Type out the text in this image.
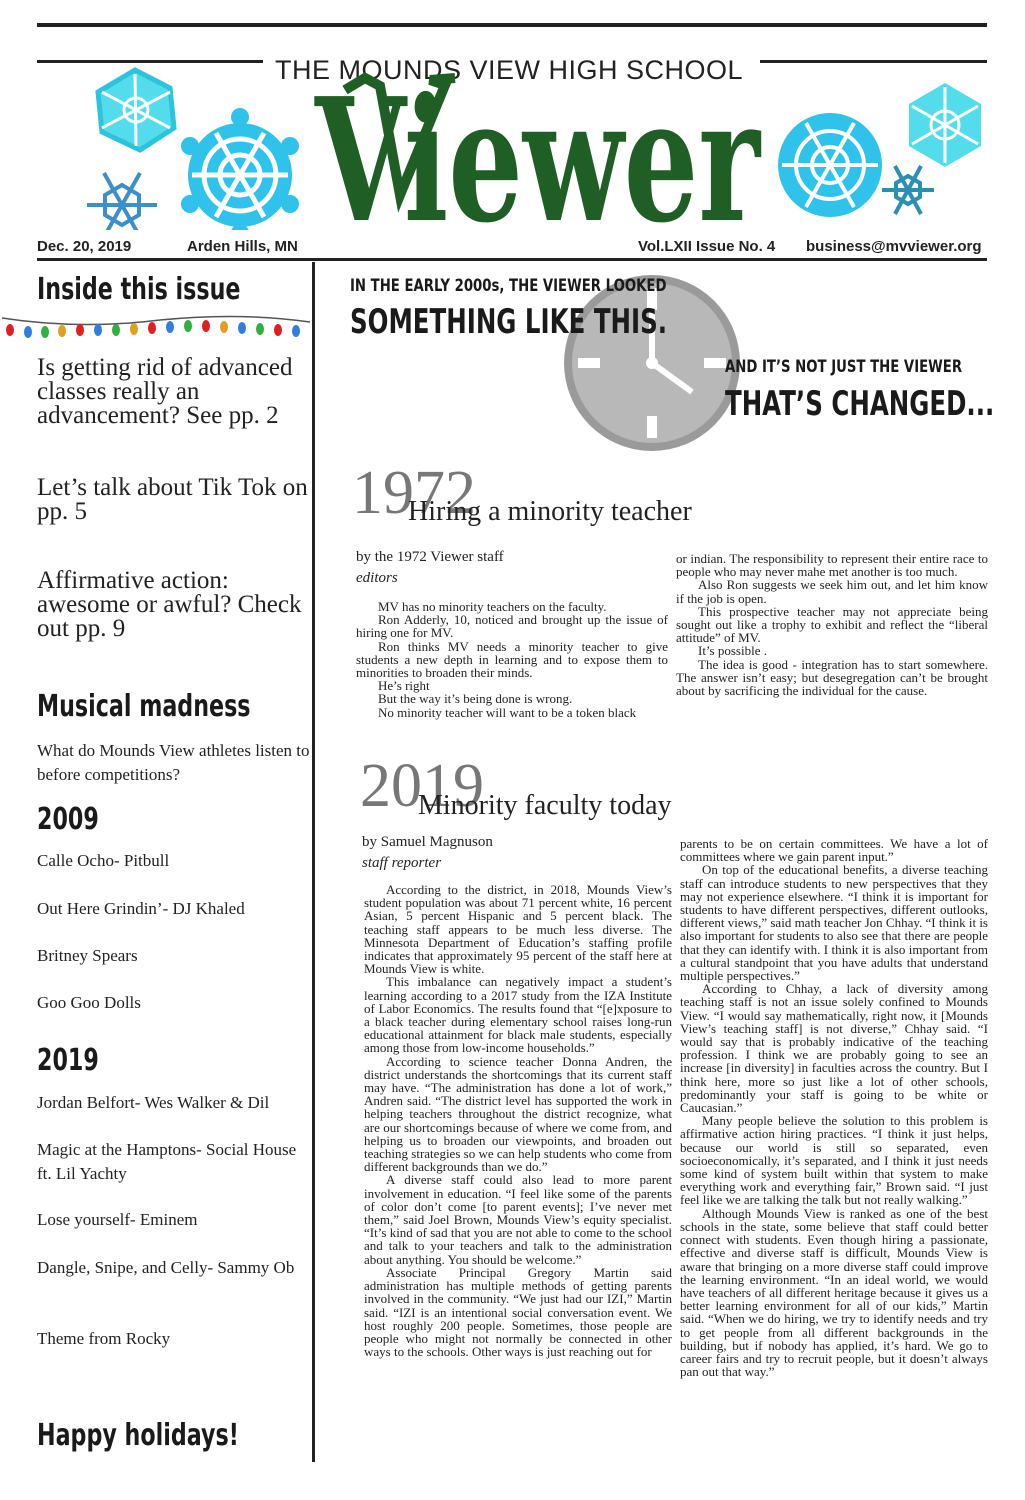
THE MOUNDS VIEW HIGH SCHOOL
Viewer
Dec. 20, 2019	Arden Hills, MN	Vol.LXII Issue No. 4 business@mvviewer.org
Inside this issue
Is getting rid of advanced classes really an advancement? See pp. 2
Let’s talk about Tik Tok on pp. 5
Affirmative action: awesome or awful? Check out pp. 9
Musical madness
What do Mounds View athletes listen to before competitions?
2009
Calle Ocho- Pitbull
Out Here Grindin’- DJ Khaled
Britney Spears
Goo Goo Dolls
2019
Jordan Belfort- Wes Walker & Dil
Magic at the Hamptons- Social House ft. Lil Yachty
Lose yourself- Eminem
Dangle, Snipe, and Celly- Sammy Ob
Theme from Rocky
Happy holidays!
IN THE EARLY 2000s, THE VIEWER LOOKED
SOMETHING LIKE THIS.
AND IT’S NOT JUST THE VIEWER
THAT’S CHANGED...
1972
Hiring a minority teacher
by the 1972 Viewer staff
editors

MV has no minority teachers on the faculty.

Ron Adderly, 10, noticed and brought up the issue of hiring one for MV.

Ron thinks MV needs a minority teacher to give students a new depth in learning and to expose them to minorities to broaden their minds.

He’s right

But the way it’s being done is wrong.

No minority teacher will want to be a token black

or indian. The responsibility to represent their entire race to people who may never mahe met another is too much.

Also Ron suggests we seek him out, and let him know if the job is open.

This prospective teacher may not appreciate being sought out like a trophy to exhibit and reflect the “liberal attitude” of MV.

It’s possible .

The idea is good - integration has to start somewhere. The answer isn’t easy; but desegregation can’t be brought about by sacrificing the individual for the cause.

2019
Minority faculty today
by Samuel Magnuson
staff reporter

According to the district, in 2018, Mounds View’s student population was about 71 percent white, 16 percent Asian, 5 percent Hispanic and 5 percent black. The teaching staff appears to be much less diverse. The Minnesota Department of Education’s staffing profile indicates that approximately 95 percent of the staff here at Mounds View is white.

This imbalance can negatively impact a student’s learning according to a 2017 study from the IZA Institute of Labor Economics. The results found that “[e]xposure to a black teacher during elementary school raises long-run educational attainment for black male students, especially among those from low-income households.”

According to science teacher Donna Andren, the district understands the shortcomings that its current staff may have. “The administration has done a lot of work,” Andren said. “The district level has supported the work in helping teachers throughout the district recognize, what are our shortcomings because of where we come from, and helping us to broaden our viewpoints, and broaden out teaching strategies so we can help students who come from different backgrounds than we do.”

A diverse staff could also lead to more parent involvement in education. “I feel like some of the parents of color don’t come [to parent events]; I’ve never met them,” said Joel Brown, Mounds View’s equity specialist. “It’s kind of sad that you are not able to come to the school and talk to your teachers and talk to the administration about anything. You should be welcome.”

Associate Principal Gregory Martin said administration has multiple methods of getting parents involved in the community. “We just had our IZI,” Martin said. “IZI is an intentional social conversation event. We host roughly 200 people. Sometimes, those people are people who might not normally be connected in other ways to the schools. Other ways is just reaching out for

parents to be on certain committees. We have a lot of committees where we gain parent input.”

On top of the educational benefits, a diverse teaching staff can introduce students to new perspectives that they may not experience elsewhere. “I think it is important for students to have different perspectives, different outlooks, different views,” said math teacher Jon Chhay. “I think it is also important for students to also see that there are people that they can identify with. I think it is also important from a cultural standpoint that you have adults that understand multiple perspectives.”

According to Chhay, a lack of diversity among teaching staff is not an issue solely confined to Mounds View. “I would say mathematically, right now, it [Mounds View’s teaching staff] is not diverse,” Chhay said. “I would say that is probably indicative of the teaching profession. I think we are probably going to see an increase [in diversity] in faculties across the country. But I think here, more so just like a lot of other schools, predominantly your staff is going to be white or Caucasian.”

Many people believe the solution to this problem is affirmative action hiring practices. “I think it just helps, because our world is still so separated, even socioeconomically, it’s separated, and I think it just needs some kind of system built within that system to make everything work and everything fair,” Brown said. “I just feel like we are talking the talk but not really walking.”

Although Mounds View is ranked as one of the best schools in the state, some believe that staff could better connect with students. Even though hiring a passionate, effective and diverse staff is difficult, Mounds View is aware that bringing on a more diverse staff could improve the learning environment. “In an ideal world, we would have teachers of all different heritage because it gives us a better learning environment for all of our kids,” Martin said. “When we do hiring, we try to identify needs and try to get people from all different backgrounds in the building, but if nobody has applied, it’s hard. We go to career fairs and try to recruit people, but it doesn’t always pan out that way.”
